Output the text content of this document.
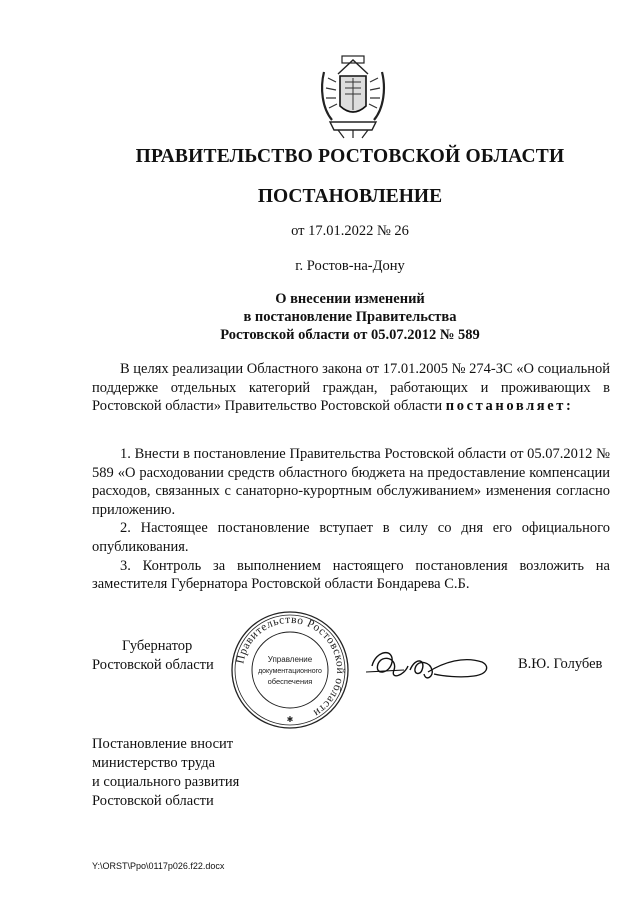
ПРАВИТЕЛЬСТВО РОСТОВСКОЙ ОБЛАСТИ
ПОСТАНОВЛЕНИЕ
от 17.01.2022 № 26
г. Ростов-на-Дону
О внесении изменений
в постановление Правительства
Ростовской области от 05.07.2012 № 589
В целях реализации Областного закона от 17.01.2005 № 274-ЗС «О социальной поддержке отдельных категорий граждан, работающих и проживающих в Ростовской области» Правительство Ростовской области постановляет:

1. Внести в постановление Правительства Ростовской области от 05.07.2012 № 589 «О расходовании средств областного бюджета на предоставление компенсации расходов, связанных с санаторно-курортным обслуживанием» изменения согласно приложению.

2. Настоящее постановление вступает в силу со дня его официального опубликования.

3. Контроль за выполнением настоящего постановления возложить на заместителя Губернатора Ростовской области Бондарева С.Б.

Губернатор
Ростовской области Правительство Ростовской области
Управление
документационного
обеспечения
✱
В.Ю. Голубев
Постановление вносит
министерство труда
и социального развития
Ростовской области
Y:\ORST\Ppo\0117p026.f22.docx
